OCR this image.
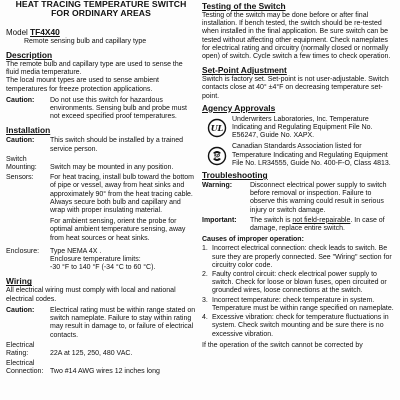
HEAT TRACING TEMPERATURE SWITCH
FOR ORDINARY AREAS
Model TF4X40
Remote sensing bulb and capillary type
Description

The remote bulb and capillary type are used to sense the fluid media temperature.

The local mount types are used to sense ambient temperatures for freeze protection applications.

Caution:	Do not use this switch for hazardous environments. Sensing bulb and probe must not exceed specified proof temperatures.
Installation
Caution:	This switch should be installed by a trained service person.
Switch Mounting:	Switch may be mounted in any position.
Sensors:	For heat tracing, install bulb toward the bottom of pipe or vessel, away from heat sinks and approximately 90° from the heat tracing cable. Always secure both bulb and capillary and wrap with proper insulating material.

For ambient sensing, orient the probe for optimal ambient temperature sensing, away from heat sources or heat sinks.

Enclosure:	Type NEMA 4X .
Enclosure temperature limits:
-30 °F to 140 °F (-34 °C to 60 °C).
Wiring

All electrical wiring must comply with local and national electrical codes.

Caution:	Electrical rating must be within range stated on switch nameplate. Failure to stay within rating may result in damage to, or failure of electrical contacts.
Electrical Rating:	22A at 125, 250, 480 VAC.
Electrical Connection: Two #14 AWG wires 12 inches long
Testing of the Switch

Testing of the switch may be done before or after final installation. If bench tested, the switch should be re-tested when installed in the final application. Be sure switch can be tested without affecting other equipment. Check nameplates for electrical rating and circuitry (normally closed or normally open) of switch. Cycle switch a few times to check operation.

Set-Point Adjustment

Switch is factory set. Set-point is not user-adjustable. Switch contacts close at 40° ±4°F on decreasing temperature set-point.

Agency Approvals
UL
Underwriters Laboratories, Inc. Temperature Indicating and Regulating Equipment File No. E56247, Guide No. XAPX.
SP
Canadian Standards Association listed for Temperature Indicating and Regulating Equipment File No. LR34555, Guide No. 400-F-O, Class 4813.
Troubleshooting
Warning:	Disconnect electrical power supply to switch before removal or inspection. Failure to observe this warning could result in serious injury or switch damage.
Important:	The switch is not field-repairable. In case of damage, replace entire switch.
Causes of improper operation:
1. Incorrect electrical connection: check leads to switch. Be sure they are properly connected. See "Wiring" section for circuitry color code.
2. Faulty control circuit: check electrical power supply to switch. Check for loose or blown fuses, open circuited or grounded wires, loose connections at the switch.
3. Incorrect temperature: check temperature in system. Temperature must be within range specified on nameplate.
4. Excessive vibration: check for temperature fluctuations in system. Check switch mounting and be sure there is no excessive vibration.

If the operation of the switch cannot be corrected by
